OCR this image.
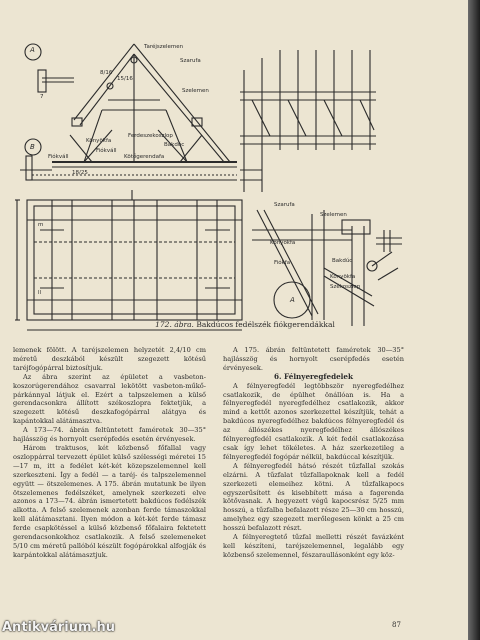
Szarufa
Taréjszelemen
Szelemen
Könyökfa
Ferdeszekoszlop
Fiókváll	Kötőgerendafa
Bakdúc
Fiókváll
8/16
15/16
18/25
7
A
B
Szarufa
Szelemen
Fiókfa
Könyökfa
Könyökfa
Székoszlop
Bakdúc
A
m
ll
172. ábra. Bakdúcos fedélszék fiókgerendákkal

lemenek fölött. A taréjszelemen helyzetét 2,4/10 cm méretű deszkából készült szegezett kötésű taréjfogópárral biztosítjuk.

Az ábra szerint az épületet a vasbeton-koszorúgerendához csavarral lekötött vasbeton-műkő-párkánnyal látjuk el. Ezért a talpszelemen a külső gerendacsonkra állított székoszlopra fektetjük, a szegezett kötésű deszkafogópárral alátgya és kapántokkal alátámasztva.

A 173—74. ábrán feltüntetett faméretek 30—35° hajlásszög és hornyolt cserépfedés esetén érvényesek.

Három traktusos, két közbenső főfallal vagy oszloppárral tervezett épület külső szélességi méretei 15—17 m, itt a fedélet két-két közepszelemennel kell szerkeszteni. Így a fedél — a taréj- és talpszelemennel együtt — ötszelemenes. A 175. ábrán mutatunk be ilyen ötszelemenes fedélszéket, amelynek szerkezeti elve azonos a 173—74. ábrán ismertetett bakdúcos fedélszék alkotta. A felső szelemenek azonban ferde támaszokkal kell alátámasztani. Ilyen módon a két-két ferde támasz ferde csapkötéssel a külső közbenső főfalaira fektetett gerendacsonkokhoz csatlakozik. A felső szelemeneket 5/10 cm méretű pallóból készült fogópárokkal alfogják és karpántokkal alátámasztjuk.

A 175. ábrán feltüntetett faméretek 30—35° hajlásszög és hornyolt cserépfedés esetén érvényesek.

6. Félnyeregfedelek

A félnyeregfedél legtöbbször nyeregfedélhez csatlakozik, de épülhet önállóan is. Ha a félnyeregfedél nyeregfedélhez csatlakozik, akkor mind a kettőt azonos szerkezettel készítjük, tehát a bakdúcos nyeregfedélhez bakdúcos félnyeregfedél és az állószékes nyeregfedélhez állószékes félnyeregfedél csatlakozik. A két fedél csatlakozása csak így lehet tökéletes. A ház szerkezetileg a félnyeregfedél fogópár nélkül, bakdúccal készítjük.

A félnyeregfedél hátsó részét tűzfallal szokás elzárni. A tűzfalat tűzfallapoknak kell a fedél szerkezeti elemeihez kötni. A tűzfalkapocs egyszerűsített és kisebbített mása a fagerenda kötővasnak. A hegyezett végű kapocsrész 5/25 mm hosszú, a tűzfalba befalazott része 25—30 cm hosszú, amelyhez egy szegezett merőlegesen könkt a 25 cm hosszú befalazott részt.

A félnyeregtető tűzfal melletti részét favázként kell készíteni, taréjszelemennel, legalább egy közbenső szelemennel, fészaraullásonként egy köz-

87
Antikvárium.hu
